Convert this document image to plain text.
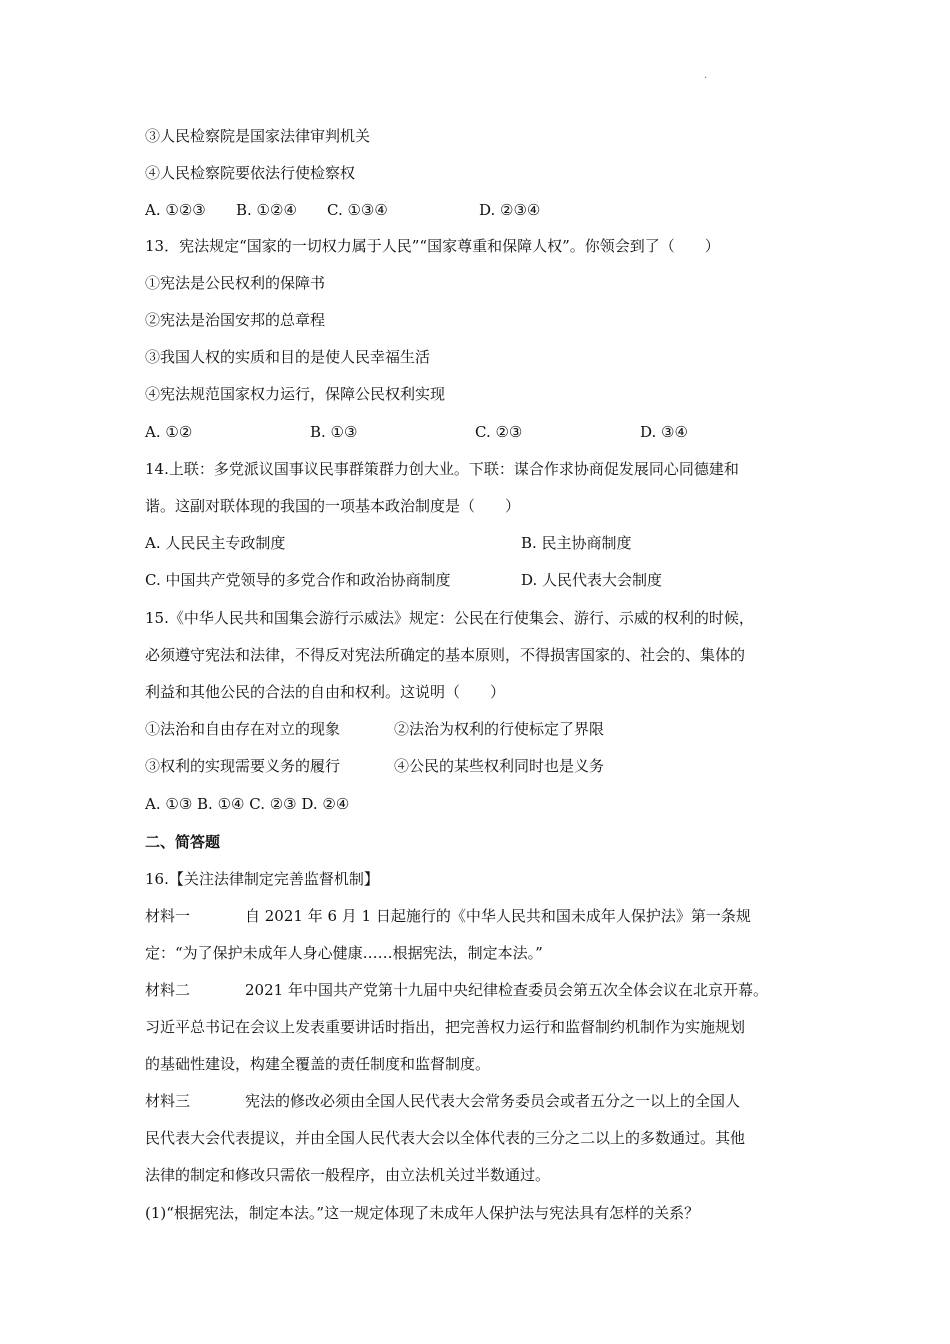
.
③人民检察院是国家法律审判机关
④人民检察院要依法行使检察权
A. ①②③ B. ①②④ C. ①③④	D. ②③④
13．宪法规定“国家的一切权力属于人民”“国家尊重和保障人权”。你领会到了（　　）
①宪法是公民权利的保障书
②宪法是治国安邦的总章程
③我国人权的实质和目的是使人民幸福生活
④宪法规范国家权力运行，保障公民权利实现
A. ①②	B. ①③	C. ②③	D. ③④
14.上联：多党派议国事议民事群策群力创大业。下联：谋合作求协商促发展同心同德建和
谐。这副对联体现的我国的一项基本政治制度是（　　）
A. 人民民主专政制度	B. 民主协商制度
C. 中国共产党领导的多党合作和政治协商制度	D. 人民代表大会制度
15.《中华人民共和国集会游行示威法》规定：公民在行使集会、游行、示威的权利的时候，
必须遵守宪法和法律，不得反对宪法所确定的基本原则，不得损害国家的、社会的、集体的
利益和其他公民的合法的自由和权利。这说明（　　）
①法治和自由存在对立的现象	②法治为权利的行使标定了界限
③权利的实现需要义务的履行	④公民的某些权利同时也是义务
A. ①③ B. ①④ C. ②③ D. ②④
二、简答题
16.【关注法律制定完善监督机制】
材料一	自 2021 年 6 月 1 日起施行的《中华人民共和国未成年人保护法》第一条规
定：“为了保护未成年人身心健康……根据宪法，制定本法。”
材料二	2021 年中国共产党第十九届中央纪律检查委员会第五次全体会议在北京开幕。
习近平总书记在会议上发表重要讲话时指出，把完善权力运行和监督制约机制作为实施规划
的基础性建设，构建全覆盖的责任制度和监督制度。
材料三	宪法的修改必须由全国人民代表大会常务委员会或者五分之一以上的全国人
民代表大会代表提议，并由全国人民代表大会以全体代表的三分之二以上的多数通过。其他
法律的制定和修改只需依一般程序，由立法机关过半数通过。
(1)“根据宪法，制定本法。”这一规定体现了未成年人保护法与宪法具有怎样的关系？
